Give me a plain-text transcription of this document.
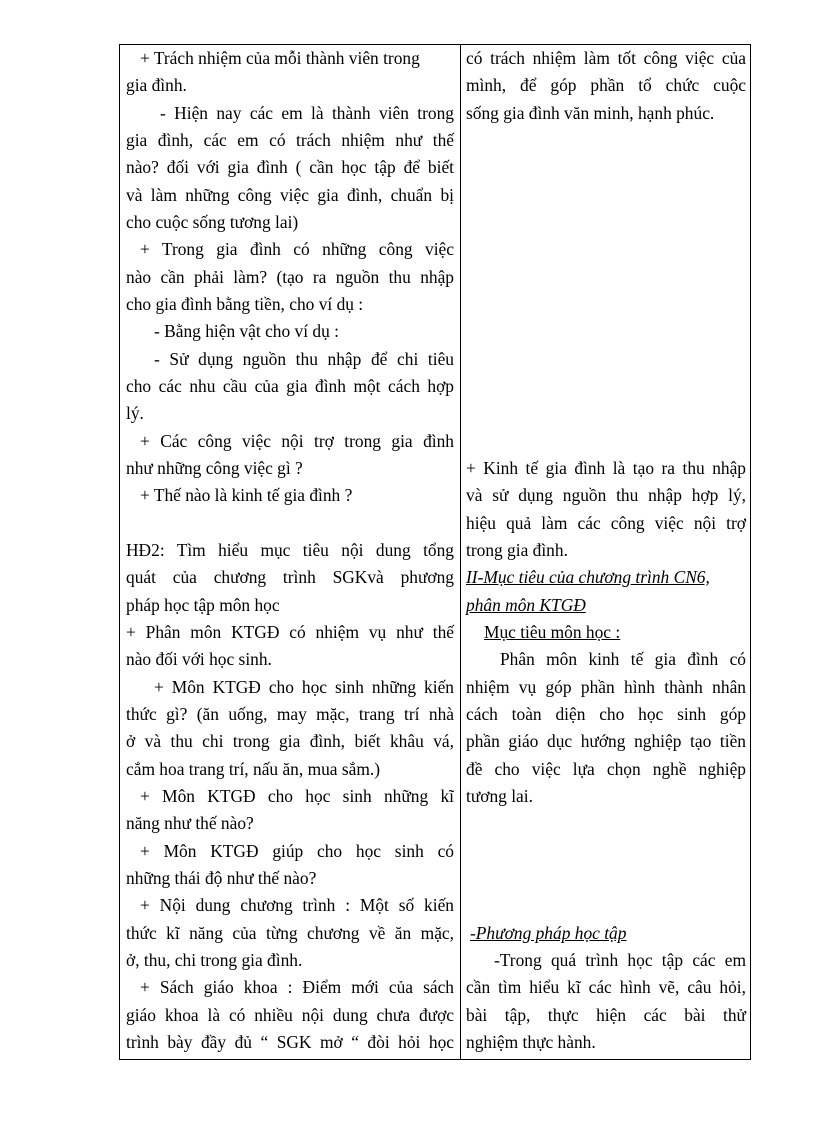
+ Trách nhiệm của mỗi thành viên trong
gia đình.
- Hiện nay các em là thành viên trong
gia đình, các em có trách nhiệm như thế
nào? đối với gia đình ( cần học tập để biết
và làm những công việc gia đình, chuẩn bị
cho cuộc sống tương lai)
+ Trong gia đình có những công việc
nào cần phải làm? (tạo ra nguồn thu nhập
cho gia đình bằng tiền, cho ví dụ :
- Bằng hiện vật cho ví dụ :
- Sử dụng nguồn thu nhập để chi tiêu
cho các nhu cầu của gia đình một cách hợp
lý.
+ Các công việc nội trợ trong gia đình
như những công việc gì ?
+ Thế nào là kinh tế gia đình ?
HĐ2: Tìm hiểu mục tiêu nội dung tổng
quát của chương trình SGKvà phương
pháp học tập môn học
+ Phân môn KTGĐ có nhiệm vụ như thế
nào đối với học sinh.
+ Môn KTGĐ cho học sinh những kiến
thức gì? (ăn uống, may mặc, trang trí nhà
ở và thu chi trong gia đình, biết khâu vá,
cắm hoa trang trí, nấu ăn, mua sắm.)
+ Môn KTGĐ cho học sinh những kĩ
năng như thế nào?
+ Môn KTGĐ giúp cho học sinh có
những thái độ như thế nào?
+ Nội dung chương trình : Một số kiến
thức kĩ năng của từng chương về ăn mặc,
ở, thu, chi trong gia đình.
+ Sách giáo khoa : Điểm mới của sách
giáo khoa là có nhiều nội dung chưa được
trình bày đầy đủ “ SGK mở “ đòi hỏi học
có trách nhiệm làm tốt công việc của
mình, để góp phần tổ chức cuộc
sống gia đình văn minh, hạnh phúc.
+ Kinh tế gia đình là tạo ra thu nhập
và sử dụng nguồn thu nhập hợp lý,
hiệu quả làm các công việc nội trợ
trong gia đình.
II-Mục tiêu của chương trình CN6,
phân môn KTGĐ
Mục tiêu môn học :
Phân môn kinh tế gia đình có
nhiệm vụ góp phần hình thành nhân
cách toàn diện cho học sinh góp
phần giáo dục hướng nghiệp tạo tiền
đề cho việc lựa chọn nghề nghiệp
tương lai.
-Phương pháp học tập
-Trong quá trình học tập các em
cần tìm hiểu kĩ các hình vẽ, câu hỏi,
bài tập, thực hiện các bài thử
nghiệm thực hành.
